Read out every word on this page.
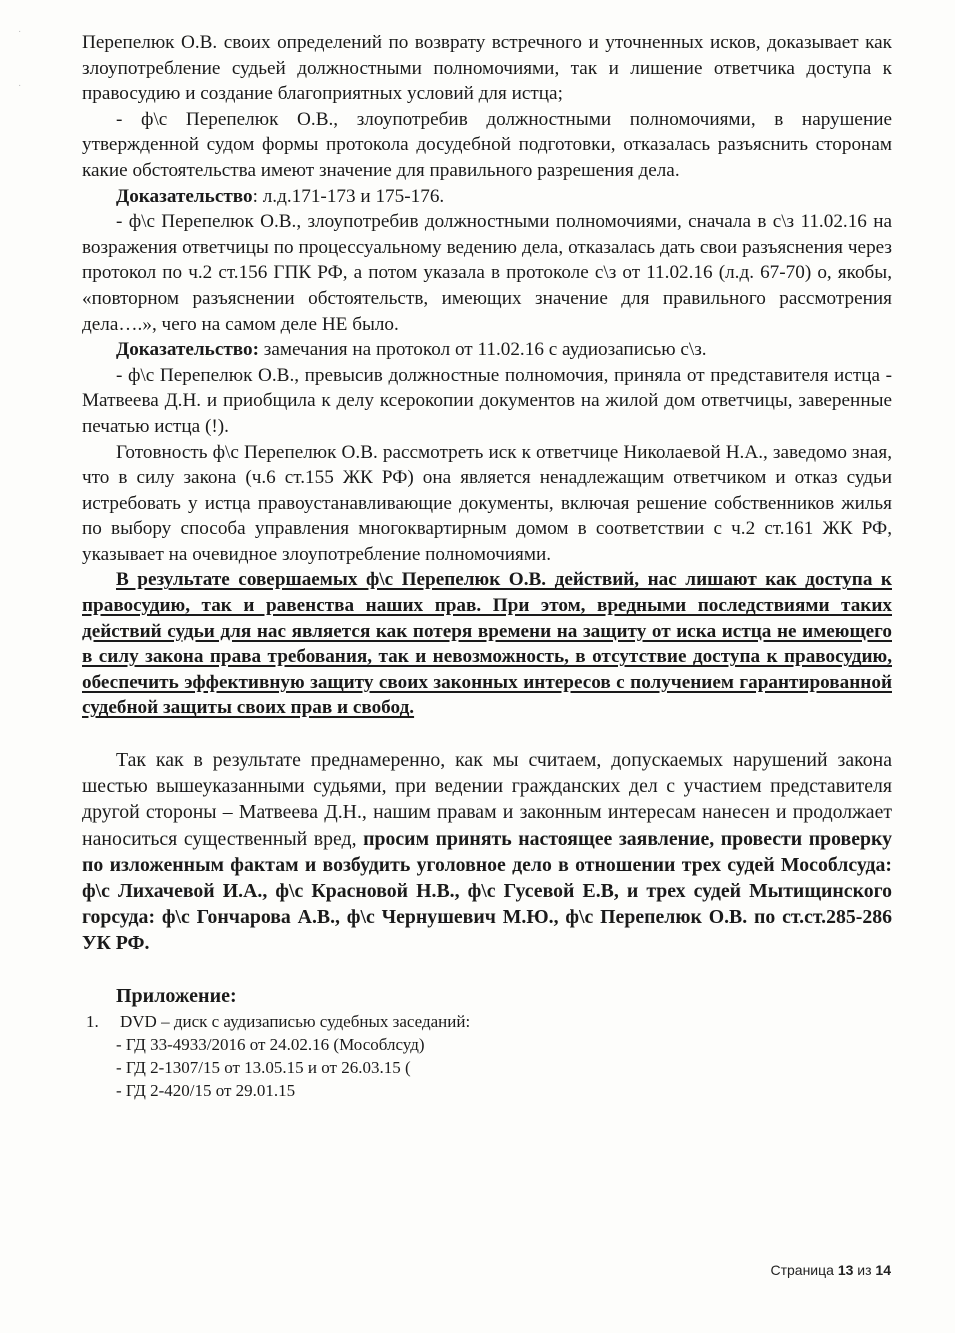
·
·

Перепелюк О.В. своих определений по возврату встречного и уточненных исков, доказывает как злоупотребление судьей должностными полномочиями, так и лишение ответчика доступа к правосудию и создание благоприятных условий для истца;

- ф\с Перепелюк О.В., злоупотребив должностными полномочиями, в нарушение утвержденной судом формы протокола досудебной подготовки, отказалась разъяснить сторонам какие обстоятельства имеют значение для правильного разрешения дела.

Доказательство: л.д.171-173 и 175-176.

- ф\с Перепелюк О.В., злоупотребив должностными полномочиями, сначала в с\з 11.02.16 на возражения ответчицы по процессуальному ведению дела, отказалась дать свои разъяснения через протокол по ч.2 ст.156 ГПК РФ, а потом указала в протоколе с\з от 11.02.16 (л.д. 67-70) о, якобы, «повторном разъяснении обстоятельств, имеющих значение для правильного рассмотрения дела….», чего на самом деле НЕ было.

Доказательство: замечания на протокол от 11.02.16 с аудиозаписью с\з.

- ф\с Перепелюк О.В., превысив должностные полномочия, приняла от представителя истца - Матвеева Д.Н. и приобщила к делу ксерокопии документов на жилой дом ответчицы, заверенные печатью истца (!).

Готовность ф\с Перепелюк О.В. рассмотреть иск к ответчице Николаевой Н.А., заведомо зная, что в силу закона (ч.6 ст.155 ЖК РФ) она является ненадлежащим ответчиком и отказ судьи истребовать у истца правоустанавливающие документы, включая решение собственников жилья по выбору способа управления многоквартирным домом в соответствии с ч.2 ст.161 ЖК РФ, указывает на очевидное злоупотребление полномочиями.

В результате совершаемых ф\с Перепелюк О.В. действий, нас лишают как доступа к правосудию, так и равенства наших прав. При этом, вредными последствиями таких действий судьи для нас является как потеря времени на защиту от иска истца не имеющего в силу закона права требования, так и невозможность, в отсутствие доступа к правосудию, обеспечить эффективную защиту своих законных интересов с получением гарантированной судебной защиты своих прав и свобод.

Так как в результате преднамеренно, как мы считаем, допускаемых нарушений закона шестью вышеуказанными судьями, при ведении гражданских дел с участием представителя другой стороны – Матвеева Д.Н., нашим правам и законным интересам нанесен и продолжает наноситься существенный вред, просим принять настоящее заявление, провести проверку по изложенным фактам и возбудить уголовное дело в отношении трех судей Мособлсуда: ф\с Лихачевой И.А., ф\с Красновой Н.В., ф\с Гусевой Е.В, и трех судей Мытищинского горсуда: ф\с Гончарова А.В., ф\с Чернушевич М.Ю., ф\с Перепелюк О.В. по ст.ст.285-286 УК РФ.

Приложение:

1. DVD – диск с аудизаписью судебных заседаний:

- ГД 33-4933/2016 от 24.02.16 (Мособлсуд)

- ГД 2-1307/15 от 13.05.15 и от 26.03.15 (

- ГД 2-420/15 от 29.01.15

Страница 13 из 14
